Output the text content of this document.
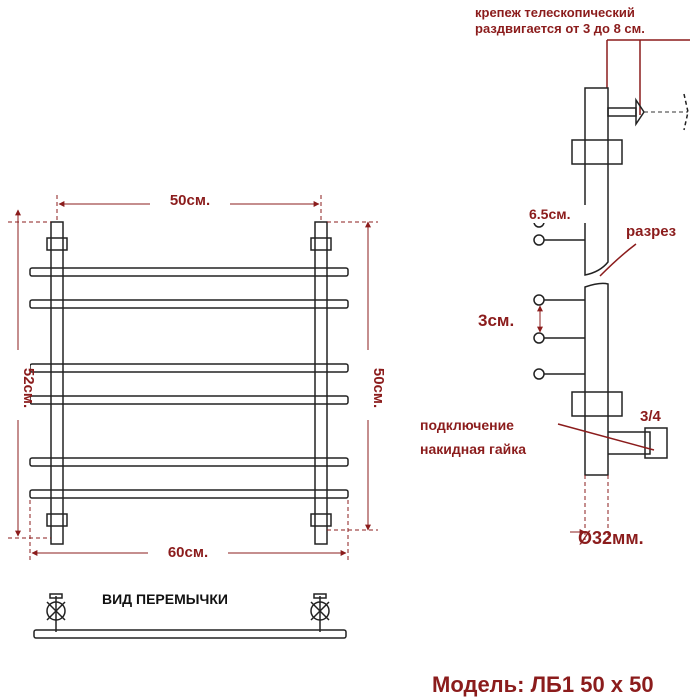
50см.
60см.
52см.	50см.
ВИД ПЕРЕМЫЧКИ
крепеж телескопический
раздвигается от 3 до 8 см.
6.5см.
3см.
разрез
3/4
подключение
накидная гайка
Ø32мм.
Модель: ЛБ1 50 х 50
